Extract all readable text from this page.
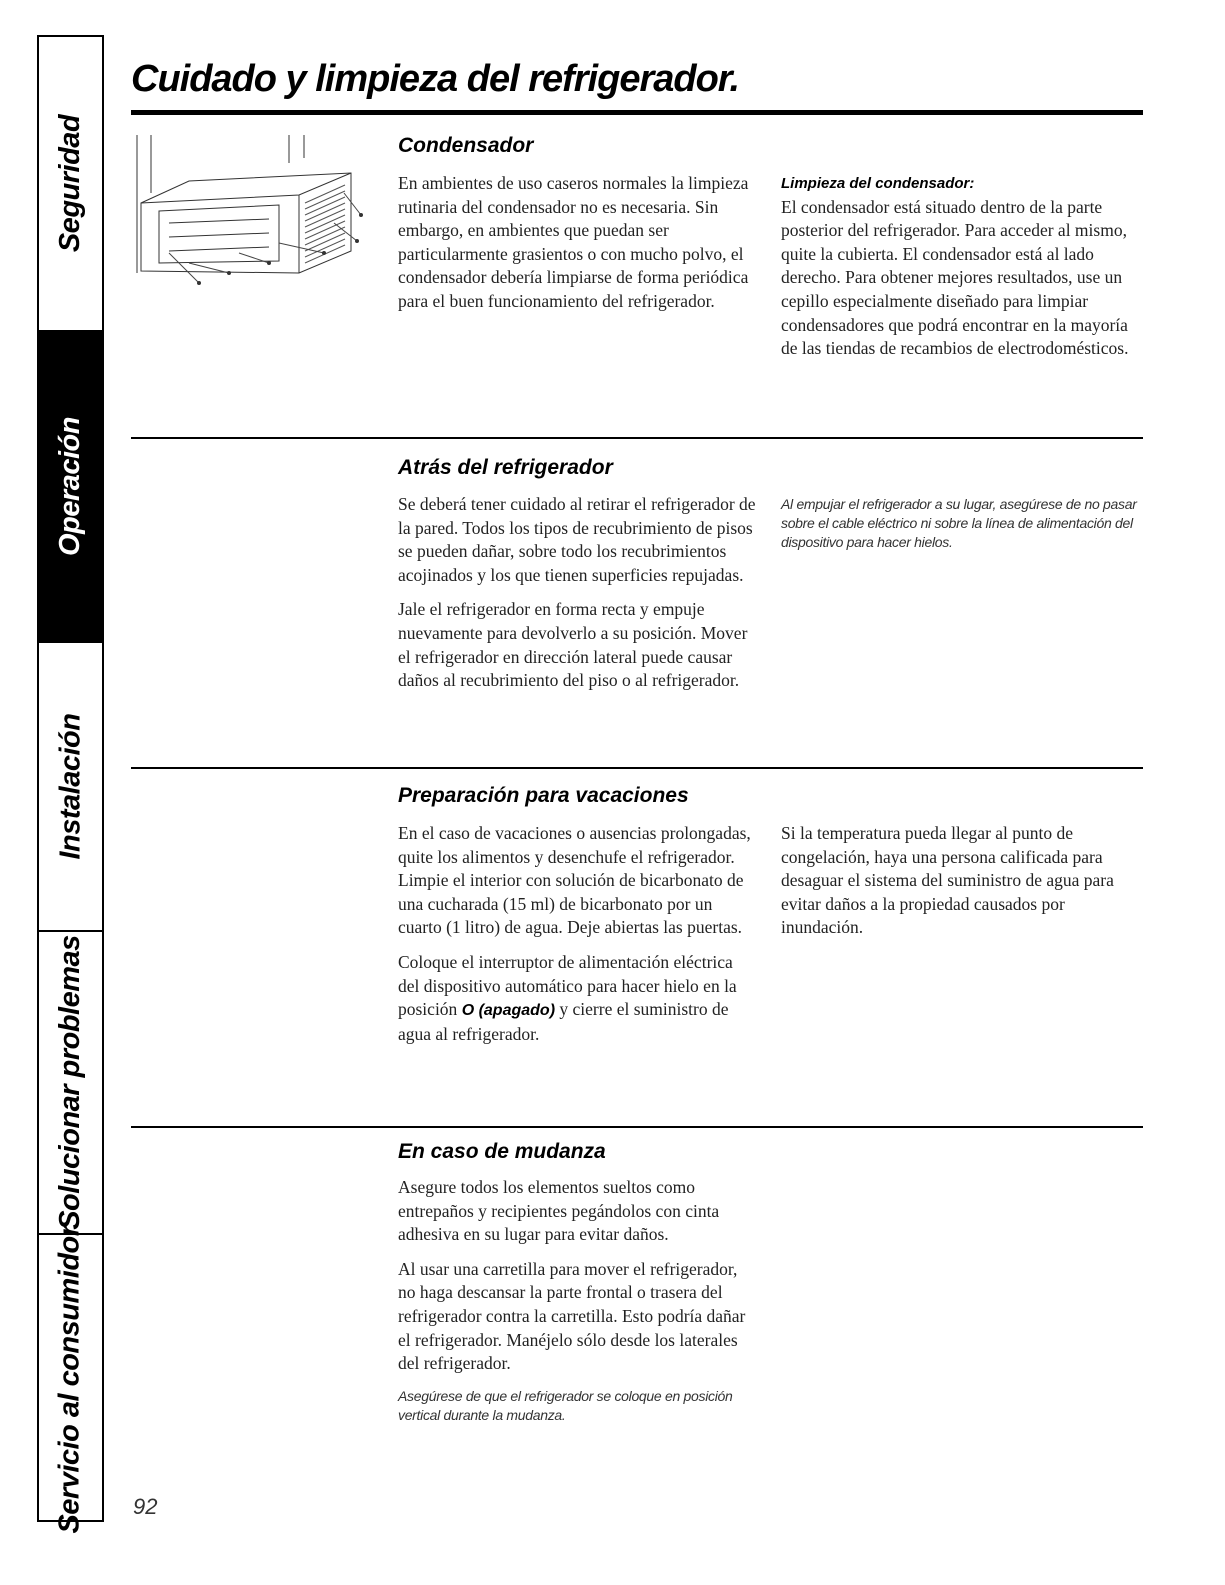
Seguridad
Operación
Instalación
Solucionar problemas
Servicio al consumidor
Cuidado y limpieza del refrigerador.
Condensador

En ambientes de uso caseros normales la limpieza rutinaria del condensador no es necesaria. Sin embargo, en ambientes que puedan ser particularmente grasientos o con mucho polvo, el condensador debería limpiarse de forma periódica para el buen funcionamiento del refrigerador.

Limpieza del condensador:

El condensador está situado dentro de la parte posterior del refrigerador. Para acceder al mismo, quite la cubierta. El condensador está al lado derecho. Para obtener mejores resultados, use un cepillo especialmente diseñado para limpiar condensadores que podrá encontrar en la mayoría de las tiendas de recambios de electrodomésticos.

Atrás del refrigerador

Se deberá tener cuidado al retirar el refrigerador de la pared. Todos los tipos de recubrimiento de pisos se pueden dañar, sobre todo los recubrimientos acojinados y los que tienen superficies repujadas.

Jale el refrigerador en forma recta y empuje nuevamente para devolverlo a su posición. Mover el refrigerador en dirección lateral puede causar daños al recubrimiento del piso o al refrigerador.

Al empujar el refrigerador a su lugar, asegúrese de no pasar sobre el cable eléctrico ni sobre la línea de alimentación del dispositivo para hacer hielos.
Preparación para vacaciones

En el caso de vacaciones o ausencias prolongadas, quite los alimentos y desenchufe el refrigerador. Limpie el interior con solución de bicarbonato de una cucharada (15 ml) de bicarbonato por un cuarto (1 litro) de agua. Deje abiertas las puertas.

Coloque el interruptor de alimentación eléctrica del dispositivo automático para hacer hielo en la posición O (apagado) y cierre el suministro de agua al refrigerador.

Si la temperatura pueda llegar al punto de congelación, haya una persona calificada para desaguar el sistema del suministro de agua para evitar daños a la propiedad causados por inundación.

En caso de mudanza

Asegure todos los elementos sueltos como entrepaños y recipientes pegándolos con cinta adhesiva en su lugar para evitar daños.

Al usar una carretilla para mover el refrigerador, no haga descansar la parte frontal o trasera del refrigerador contra la carretilla. Esto podría dañar el refrigerador. Manéjelo sólo desde los laterales del refrigerador.

Asegúrese de que el refrigerador se coloque en posición vertical durante la mudanza.

92
